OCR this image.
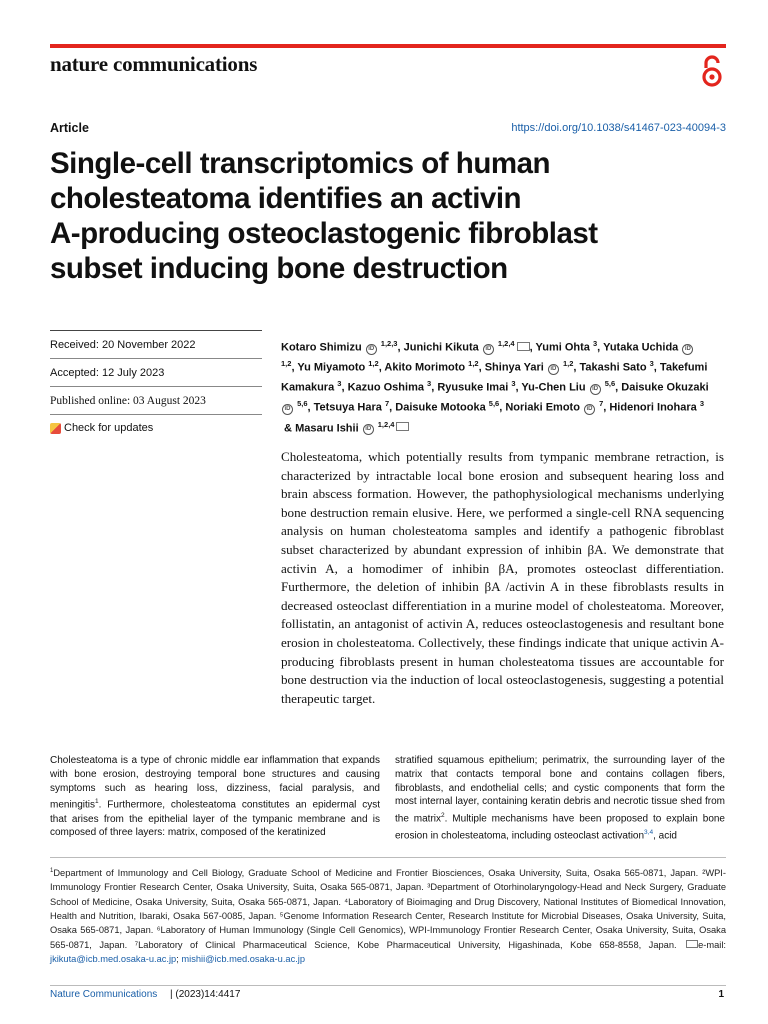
nature communications
Article	https://doi.org/10.1038/s41467-023-40094-3
Single-cell transcriptomics of human
cholesteatoma identifies an activin
A-producing osteoclastogenic fibroblast
subset inducing bone destruction
Received: 20 November 2022
Accepted: 12 July 2023
Published online: 03 August 2023
Check for updates
Kotaro Shimizu iD $^{1,2,3}$, Junichi Kikuta iD $^{1,2,4}$ , Yumi Ohta $^3$, Yutaka Uchida iD $^{1,2}$, Yu Miyamoto $^{1,2}$, Akito Morimoto $^{1,2}$, Shinya Yari iD $^{1,2}$, Takashi Sato $^3$, Takefumi Kamakura $^3$, Kazuo Oshima $^3$, Ryusuke Imai $^3$, Yu-Chen Liu iD $^{5,6}$, Daisuke Okuzaki iD $^{5,6}$, Tetsuya Hara $^7$, Daisuke Motooka $^{5,6}$, Noriaki Emoto iD $^7$, Hidenori Inohara $^3$ & Masaru Ishii iD $^{1,2,4}$

Cholesteatoma, which potentially results from tympanic membrane retraction, is characterized by intractable local bone erosion and subsequent hearing loss and brain abscess formation. However, the pathophysiological mechanisms underlying bone destruction remain elusive. Here, we performed a single-cell RNA sequencing analysis on human cholesteatoma samples and identify a pathogenic fibroblast subset characterized by abundant expression of inhibin βA. We demonstrate that activin A, a homodimer of inhibin βA, promotes osteoclast differentiation. Furthermore, the deletion of inhibin βA /activin A in these fibroblasts results in decreased osteoclast differentiation in a murine model of cholesteatoma. Moreover, follistatin, an antagonist of activin A, reduces osteoclastogenesis and resultant bone erosion in cholesteatoma. Collectively, these findings indicate that unique activin A-producing fibroblasts present in human cholesteatoma tissues are accountable for bone destruction via the induction of local osteoclastogenesis, suggesting a potential therapeutic target.

Cholesteatoma is a type of chronic middle ear inflammation that expands with bone erosion, destroying temporal bone structures and causing symptoms such as hearing loss, dizziness, facial paralysis, and meningitis$^1$. Furthermore, cholesteatoma constitutes an epidermal cyst that arises from the epithelial layer of the tympanic membrane and is composed of three layers: matrix, composed of the keratinized

stratified squamous epithelium; perimatrix, the surrounding layer of the matrix that contacts temporal bone and contains collagen fibers, fibroblasts, and endothelial cells; and cystic components that form the most internal layer, containing keratin debris and necrotic tissue shed from the matrix$^2$. Multiple mechanisms have been proposed to explain bone erosion in cholesteatoma, including osteoclast activation$^{3,4}$, acid

$^1$Department of Immunology and Cell Biology, Graduate School of Medicine and Frontier Biosciences, Osaka University, Suita, Osaka 565-0871, Japan. ²WPI-Immunology Frontier Research Center, Osaka University, Suita, Osaka 565-0871, Japan. ³Department of Otorhinolaryngology-Head and Neck Surgery, Graduate School of Medicine, Osaka University, Suita, Osaka 565-0871, Japan. ⁴Laboratory of Bioimaging and Drug Discovery, National Institutes of Biomedical Innovation, Health and Nutrition, Ibaraki, Osaka 567-0085, Japan. ⁵Genome Information Research Center, Research Institute for Microbial Diseases, Osaka University, Suita, Osaka 565-0871, Japan. ⁶Laboratory of Human Immunology (Single Cell Genomics), WPI-Immunology Frontier Research Center, Osaka University, Suita, Osaka 565-0871, Japan. ⁷Laboratory of Clinical Pharmaceutical Science, Kobe Pharmaceutical University, Higashinada, Kobe 658-8558, Japan. e-mail: jkikuta@icb.med.osaka-u.ac.jp; mishii@icb.med.osaka-u.ac.jp

Nature Communications | (2023)14:4417	1
